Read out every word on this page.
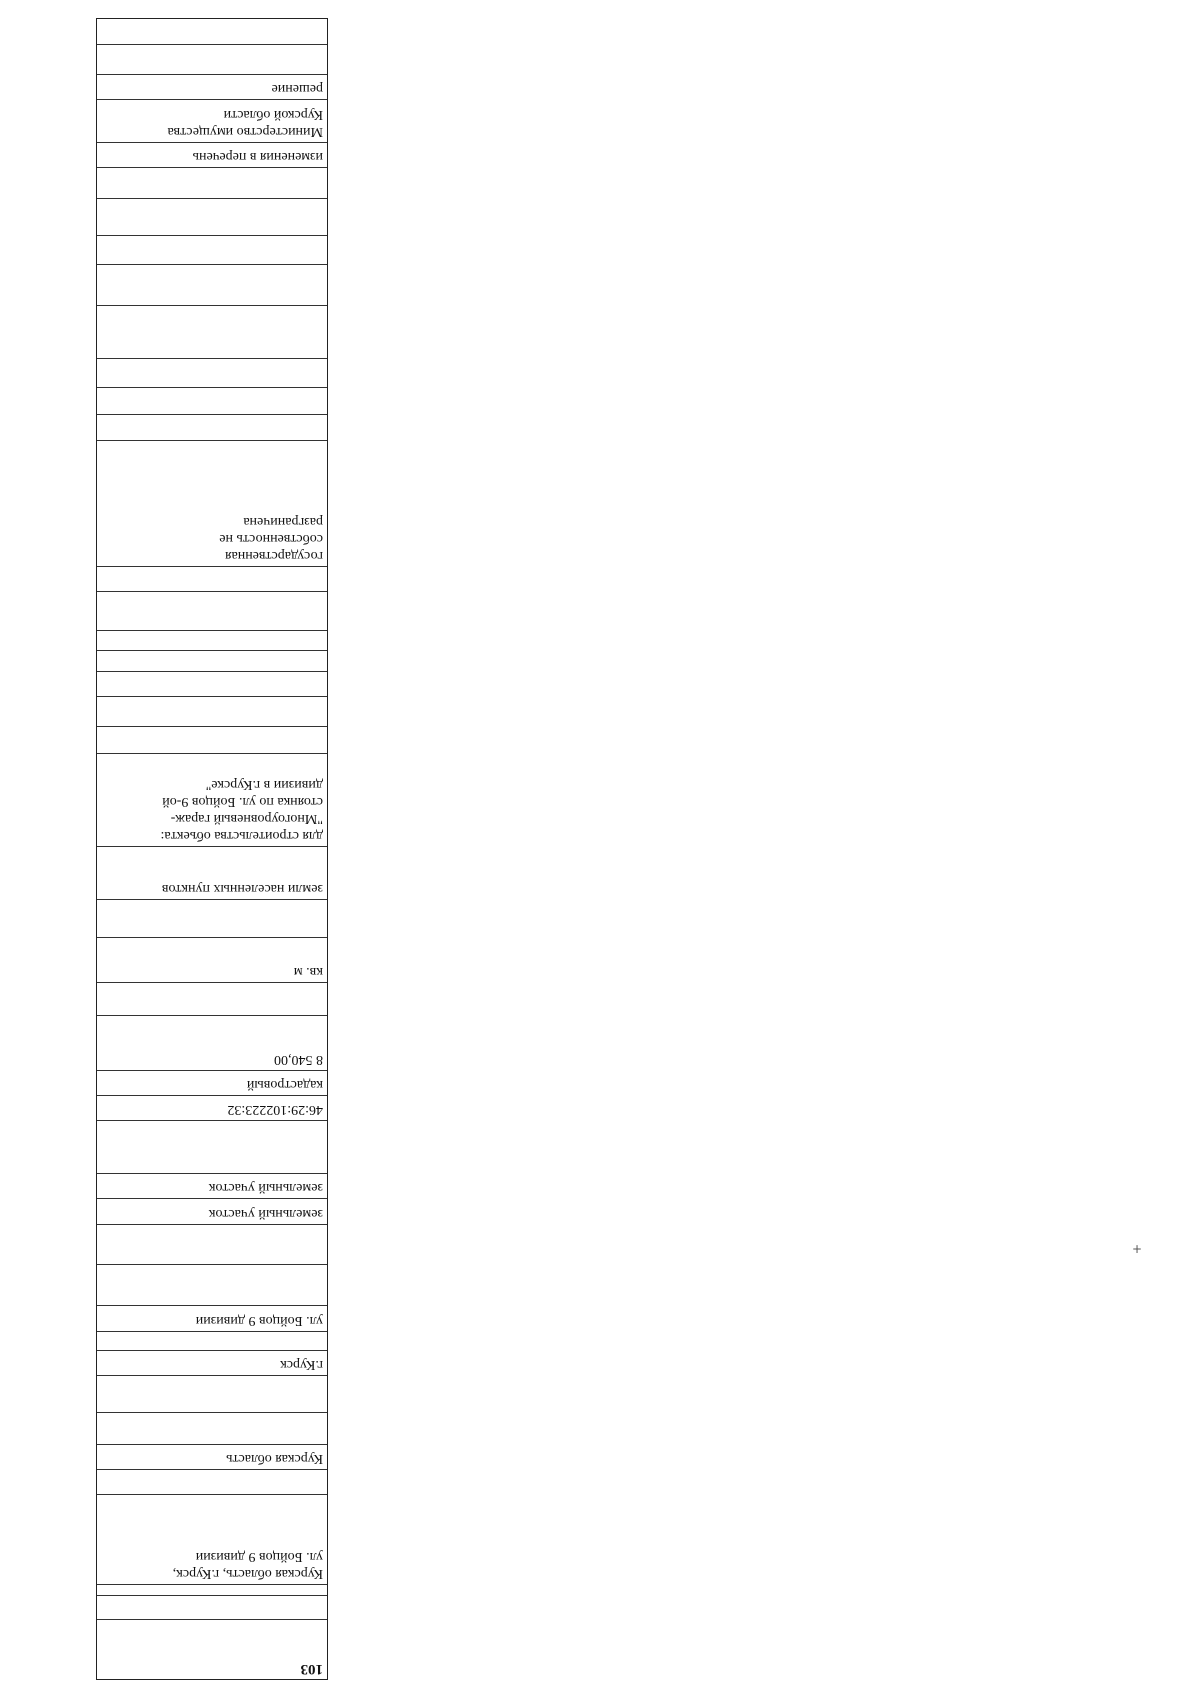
103
Курская область, г.Курск,
ул. Бойцов 9 дивизии
Курская область
г.Курск
ул. Бойцов 9 дивизии
земельный участок
земельный участок
46:29:102223:32
кадастровый
8 540,00
кв. м
земли населенных пунктов
для строительства объекта:
"Многоуровневый гараж-
стоянка по ул. Бойцов 9-ой
дивизии в г.Курске"
государственная
собственность не
разграничена
изменения в перечень
Министерство имущества
Курской области
решение
+
